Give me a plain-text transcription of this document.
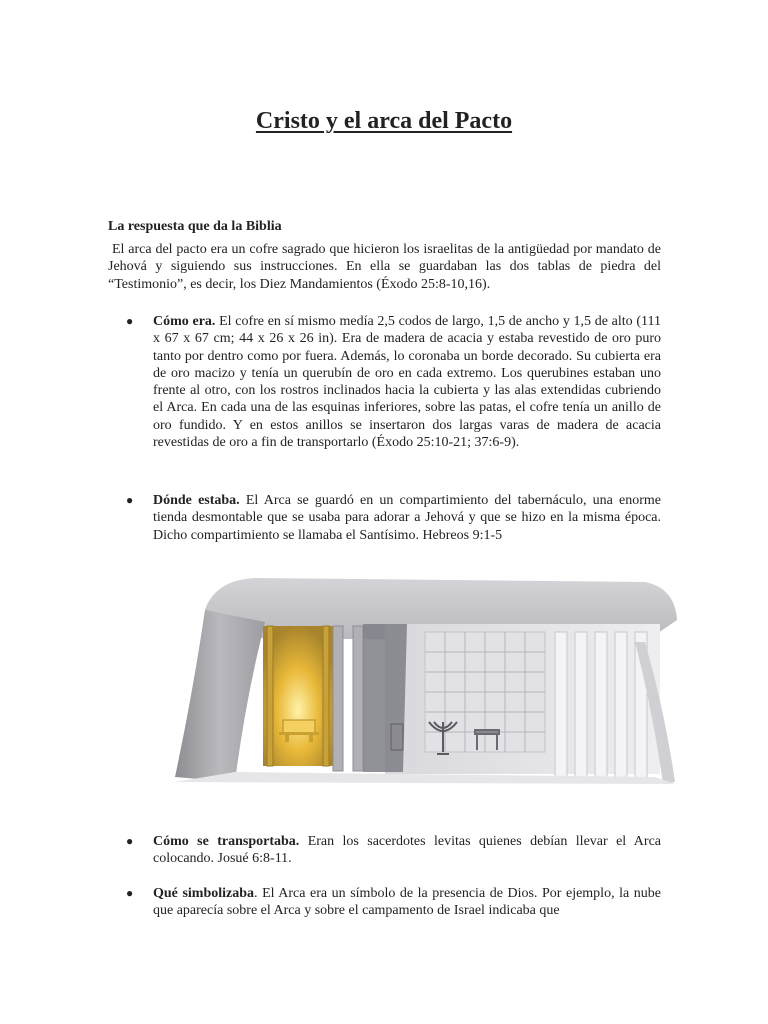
Cristo y el arca del Pacto
La respuesta que da la Biblia

El arca del pacto era un cofre sagrado que hicieron los israelitas de la antigüedad por mandato de Jehová y siguiendo sus instrucciones. En ella se guardaban las dos tablas de piedra del “Testimonio”, es decir, los Diez Mandamientos (Éxodo 25:8-10,16).

● Cómo era. El cofre en sí mismo medía 2,5 codos de largo, 1,5 de ancho y 1,5 de alto (111 x 67 x 67 cm; 44 x 26 x 26 in). Era de madera de acacia y estaba revestido de oro puro tanto por dentro como por fuera. Además, lo coronaba un borde decorado. Su cubierta era de oro macizo y tenía un querubín de oro en cada extremo. Los querubines estaban uno frente al otro, con los rostros inclinados hacia la cubierta y las alas extendidas cubriendo el Arca. En cada una de las esquinas inferiores, sobre las patas, el cofre tenía un anillo de oro fundido. Y en estos anillos se insertaron dos largas varas de madera de acacia revestidas de oro a fin de transportarlo (Éxodo 25:10-21; 37:6-9).
● Dónde estaba. El Arca se guardó en un compartimiento del tabernáculo, una enorme tienda desmontable que se usaba para adorar a Jehová y que se hizo en la misma época. Dicho compartimiento se llamaba el Santísimo. Hebreos 9:1-5
● Cómo se transportaba. Eran los sacerdotes levitas quienes debían llevar el Arca colocando. Josué 6:8-11.
● Qué simbolizaba. El Arca era un símbolo de la presencia de Dios. Por ejemplo, la nube que aparecía sobre el Arca y sobre el campamento de Israel indicaba que
